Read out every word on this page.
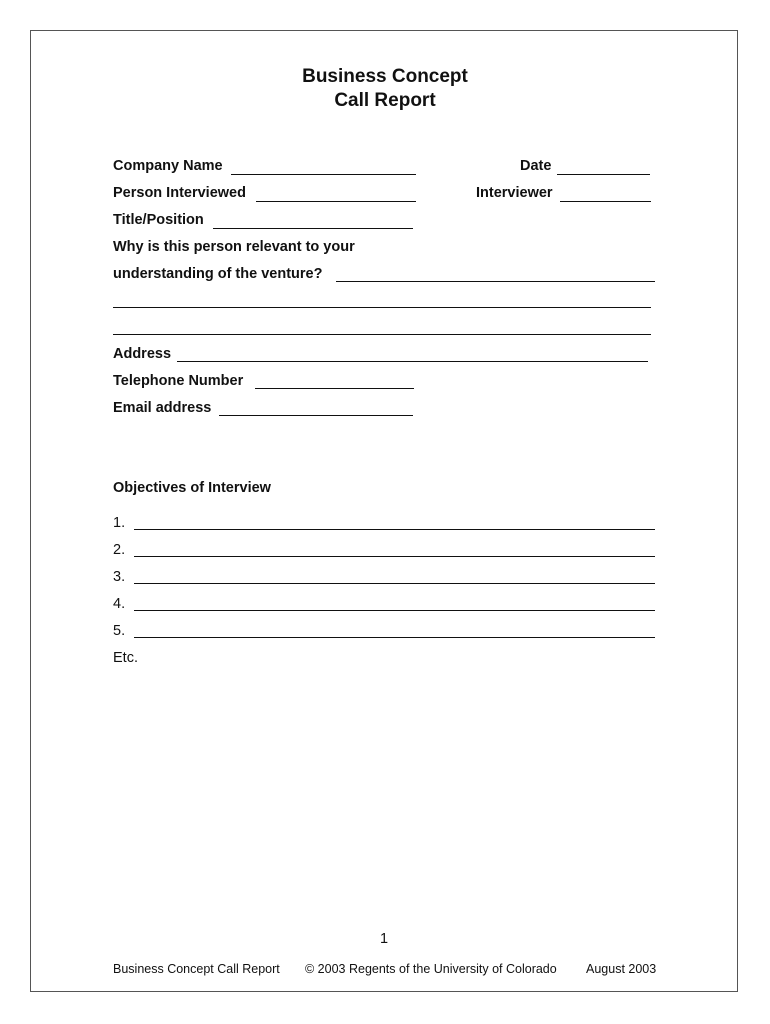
Business Concept
Call Report
Company Name	Date
Person Interviewed	Interviewer
Title/Position
Why is this person relevant to your
understanding of the venture?
Address
Telephone Number
Email address
Objectives of Interview
1.
2.
3.
4.
5.
Etc.
1
Business Concept Call Report © 2003 Regents of the University of Colorado August 2003
